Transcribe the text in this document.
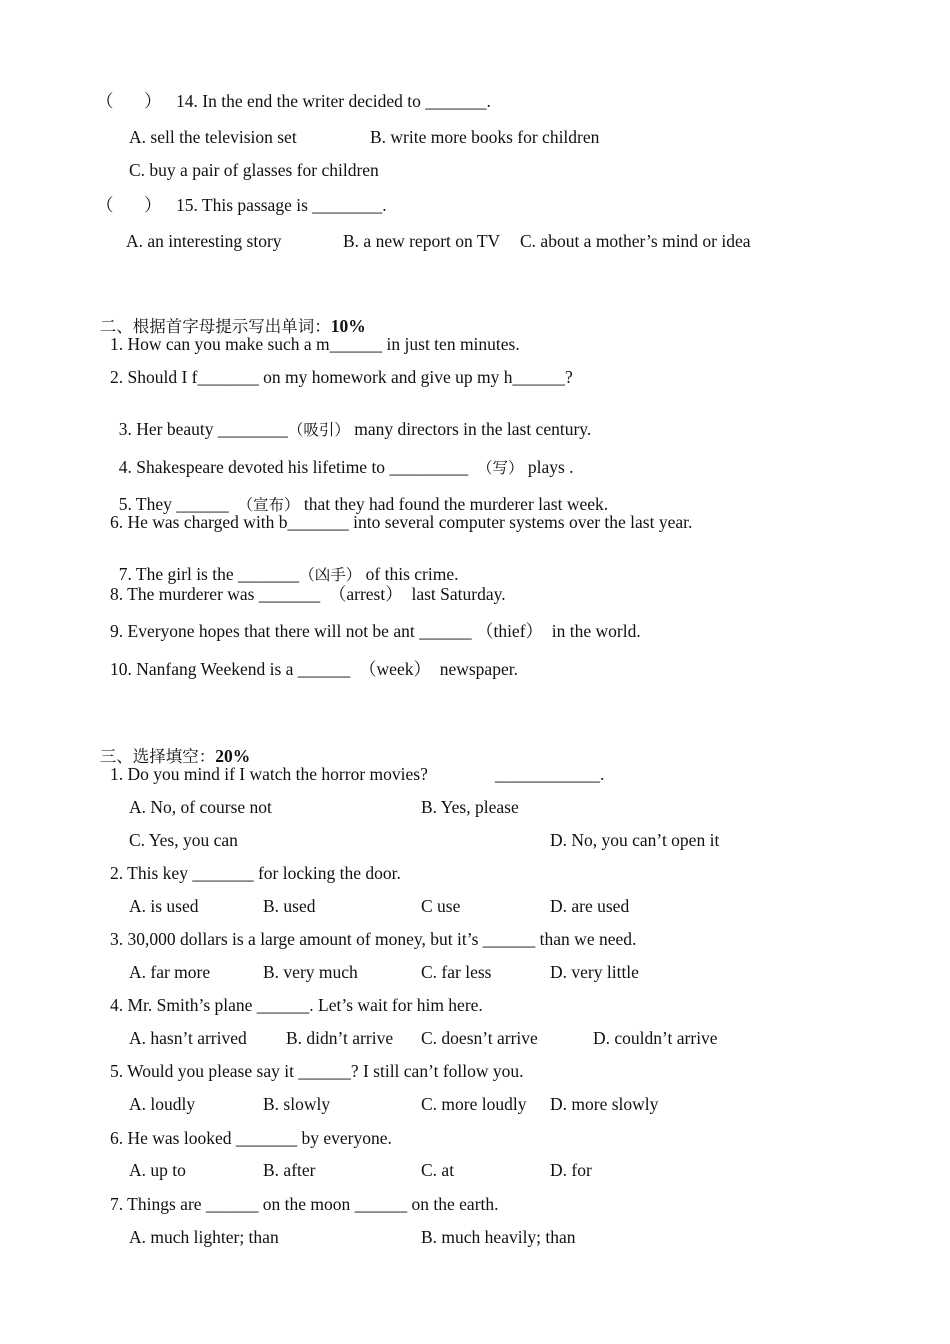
（       ） 14. In the end the writer decided to _______.
A. sell the television set	B. write more books for children
C. buy a pair of glasses for children
（       ） 15. This passage is ________.
A. an interesting story	B. a new report on TV C. about a mother’s mind or idea

二、根据首字母提示写出单词：10%

1. How can you make such a m______ in just ten minutes.
2. Should I f_______ on my homework and give up my h______?

3. Her beauty ________（吸引） many directors in the last century.

4. Shakespeare devoted his lifetime to _________  （写） plays .

5. They ______  （宣布） that they had found the murderer last week.

6. He was charged with b_______ into several computer systems over the last year.

7. The girl is the _______（凶手） of this crime.

8. The murderer was _______  （arrest）  last Saturday.
9. Everyone hopes that there will not be ant ______ （thief）  in the world.
10. Nanfang Weekend is a ______  （week）  newspaper.

三、选择填空：20%

1. Do you mind if I watch the horror movies?	____________.
A. No, of course not	B. Yes, please
C. Yes, you can	D. No, you can’t open it
2. This key _______ for locking the door.
A. is used	B. used	C use	D. are used
3. 30,000 dollars is a large amount of money, but it’s ______ than we need.
A. far more	B. very much	C. far less	D. very little
4. Mr. Smith’s plane ______. Let’s wait for him here.
A. hasn’t arrived B. didn’t arrive C. doesn’t arrive	D. couldn’t arrive
5. Would you please say it ______? I still can’t follow you.
A. loudly	B. slowly	C. more loudly D. more slowly
6. He was looked _______ by everyone.
A. up to	B. after	C. at	D. for
7. Things are ______ on the moon ______ on the earth.
A. much lighter; than	B. much heavily; than
